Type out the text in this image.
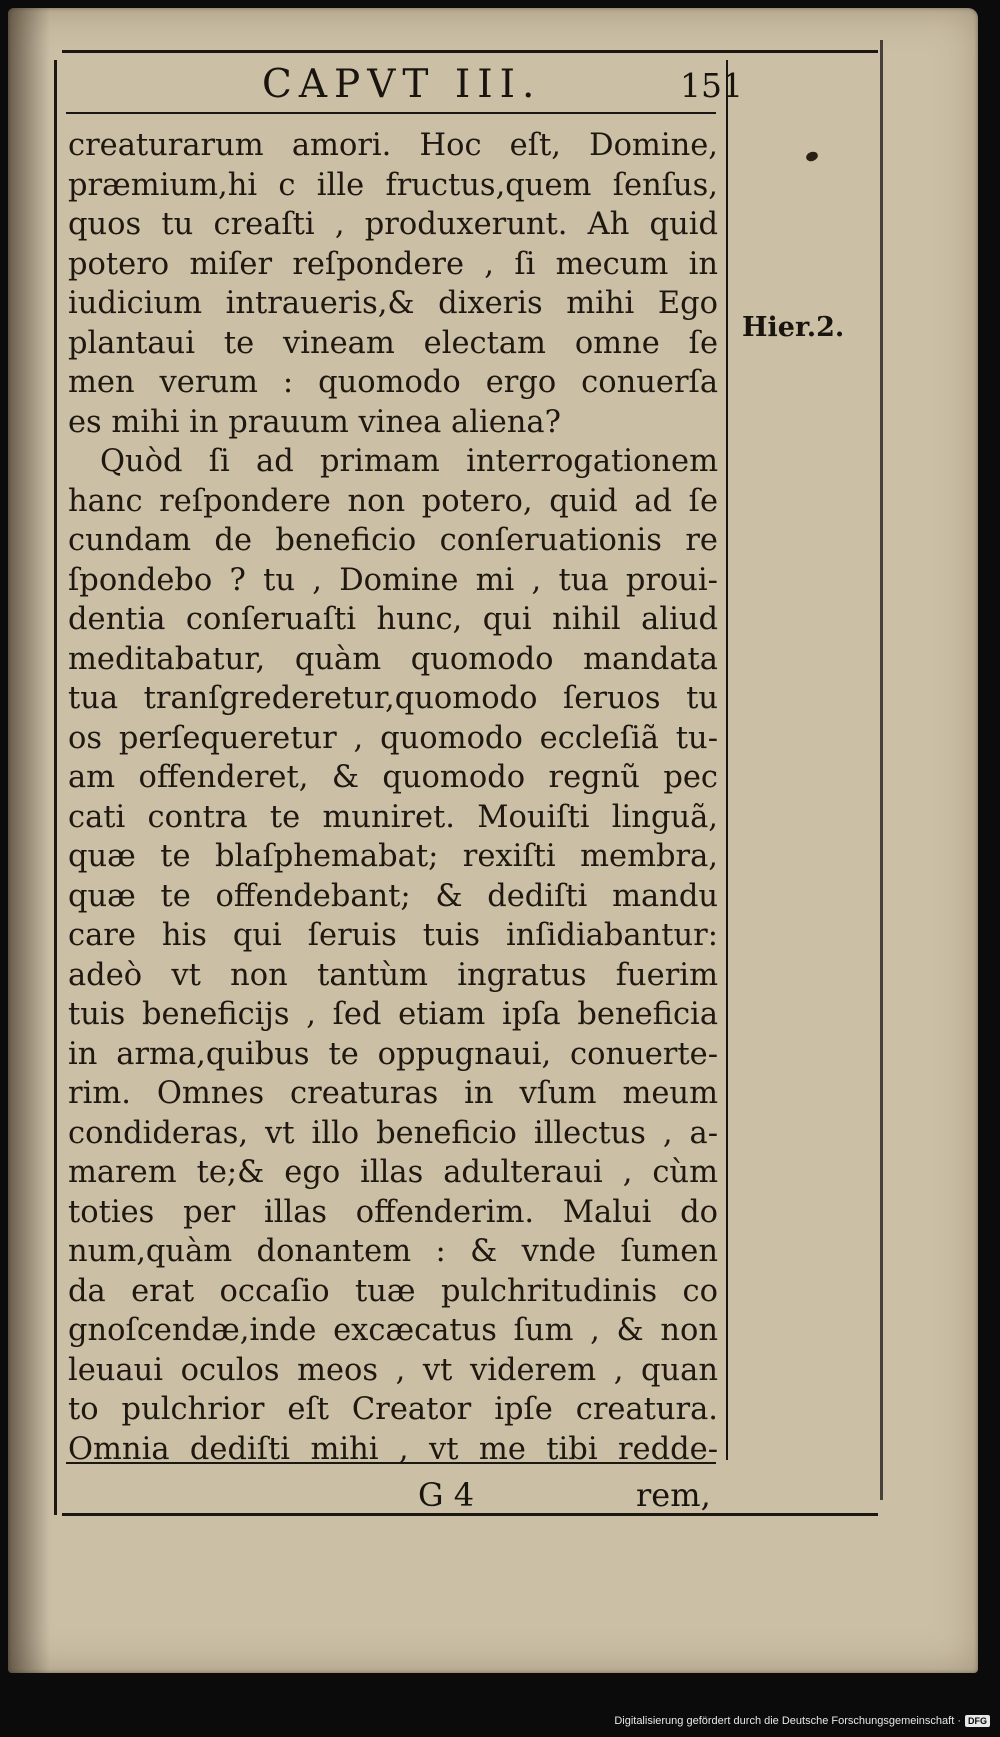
CAPVT III.	151
Hier.2.
creaturarum amori. Hoc eſt, Domine,
præmium,hi c ille fructus,quem ſenſus,
quos tu creaſti , produxerunt. Ah quid
potero miſer reſpondere , ſi mecum in
iudicium intraueris,& dixeris mihi Ego
plantaui te vineam electam omne ſe
men verum : quomodo ergo conuerſa
es mihi in prauum vinea aliena?
Quòd ſi ad primam interrogationem
hanc reſpondere non potero, quid ad ſe
cundam de beneficio conſeruationis re
ſpondebo ? tu , Domine mi , tua proui-
dentia conſeruaſti hunc, qui nihil aliud
meditabatur, quàm quomodo mandata
tua tranſgrederetur,quomodo ſeruos tu
os perſequeretur , quomodo eccleſiã tu-
am offenderet, & quomodo regnũ pec
cati contra te muniret. Mouiſti linguã,
quæ te blaſphemabat; rexiſti membra,
quæ te offendebant; & dediſti mandu
care his qui ſeruis tuis inſidiabantur:
adeò vt non tantùm ingratus fuerim
tuis beneficijs , ſed etiam ipſa beneficia
in arma,quibus te oppugnaui, conuerte-
rim. Omnes creaturas in vſum meum
condideras, vt illo beneficio illectus , a-
marem te;& ego illas adulteraui , cùm
toties per illas offenderim. Malui do
num,quàm donantem : & vnde ſumen
da erat occaſio tuæ pulchritudinis co
gnoſcendæ,inde excæcatus ſum , & non
leuaui oculos meos , vt viderem , quan
to pulchrior eſt Creator ipſe creatura.
Omnia dediſti mihi , vt me tibi redde-
G 4	rem,
Digitalisierung gefördert durch die Deutsche Forschungsgemeinschaft · DFG
